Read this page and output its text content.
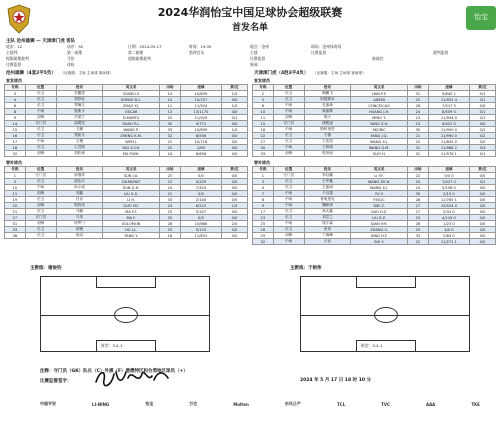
2024华润怡宝中国足球协会超级联赛
首发名单
怡宝
主队 沧州雄狮 — 天津津门虎 客队
轮次：12	场序：92	日期：2024-05-17	时间：19:35	地点：沧州	球场：沧州体育场
主裁判	第一助理	第二助理	第四官员	主裁	比赛监督	裁判监督
视频助理裁判	艾铅	视频助理裁判	比赛监督	新闻官
比赛监督	体检	新闻
沧州雄狮（4套2平5负） （比赛服：主场 主场球 客场球）
首发球员
号码	位置	姓名	英文名	出场	进球	黄/红
3	后卫	苏戴恩	SUNZU.S	15	10/839	1/0
4	后卫	郑铎伦	ZHENG D.L.	10	10/257	0/0
6	后卫	郑镝儿	ZHAO Y.J.	11	11/924	1/0
8	中场	奥斯卡	OSCAR	13	13/1170	4/0
9	前锋	吕梁宁	D.MARTU	25	11/929	0/1
14	守门员	邵璞亮	SHAO P.L.	35	9/771	0/0
15	后卫	王鹏	WANG P.	33	10/839	1/0
16	后卫	郑凯木	ZHENG K.M.	32	8/556	0/0
17	中场	文俊	WEN J.	22	10/718	0/0
18	后卫	么君明	YAO X.CH.	25	2/89	0/0
32	前锋	刘欣承	MA P.WH.	24	8/658	0/0
替补球员
号码	位置	姓名	英文名	出场	进球	黄/红
1	守门员	孙继祥	SUN J.X.	25	0/0	0/0
5	后卫	迪达尔	DILMURAT	22	5/229	0/0
10	中场	孙小成	SUN Q.H.	24	7/320	0/0
11	前锋	刘鑫	LIU X.X.	21	0/0	0/0
19	后卫	吕乐	LI H.	33	2/140	0/0
20	前锋	郭的伟	GUO Y.D.	24	6/222	1/0
21	后卫	马鹏	MA F.F.	25	5/107	0/0
27	守门员	马昊	MA F.	25	0/0	0/0
31	前锋	所罗门	SOLOMON	28	10/868	2/0
33	后卫	胡俊	HU J.L.	25	5/153	0/0
38	后卫	杨羽	YANG Y.	18	11/831	0/0
天津津门虎（4胜3平4负） （比赛服：主场 主场球 客场球）
首发球员
号码	位置	姓名	英文名	出场	进球	黄/红
2	后卫	韩鹏飞	HAN P.F.	31	9/640 1	0/1
5	后卫	阿德耶米	ADEMI	25	11/931 4	0/1
6	中场	孔塞桑	CONCEICAO	28	7/517 5	0/0
10	中场	黄嘉辉	HUANG J.H.	24	8/509 0	0/1
11	前锋	明天	MING T.	23	11/944 0	0/1
15	守门员	颜骏凌	YANG Z.H.	23	6/422 0	0/0
16	中场	斯科里奇	SKORIC	35	11/990 0	0/2
22	后卫	方镇	FANG J.Q.	21	11/990 0	0/2
27	后卫	王宪钧	WANG X.J.	20	11/842 0	0/0
30	中场	王秋明	WANG Q.M.	31	11/988 2	0/3
33	前锋	郭田雨	GUO H.	31	11/978 1	0/1
替补球员
号码	位置	姓名	英文名	出场	进球	黄/红
1	守门员	李启鹏	LI Y.F.	22	0/0 0	0/0
3	后卫	王华鑫	WANG ZH.H.	24	7/427 0	0/1
4	后卫	王嘉南	WANG X.J.	24	5/156 0	0/0
7	中场	于汉超	YU Y.	35	2/19 0	0/0
8	中场	菲奥里克	FIOLIC	28	11/785 1	0/0
9	中场	魏峥涛	WEI Z.	27	15/524 0	0/0
17	后卫	高大鑫	GAO H.Z.	27	2/31 0	0/0
23	后卫	刘学之	LIU X.Z.	23	4/110 0	0/0
25	中场	钱宇森	QIAN Y.M.	26	1/23 0	0/0
26	后卫	张帅	ZHANG S.	29	4/0 0	0/0
29	前锋	丁海峰	DING H.F.	33	2/63 0	0/0
32	中场	石岩	SHI Y.	22	11/271 1	0/0
主教练：谢俊钧	主教练：于根伟
阵型：3-4-1	阵型：3-4-1
注释：守门员（GK）队长（C）外援（F）港澳特区和台湾地区球员（+）
比赛监督签字：	2024 年 5 月 17 日 18 时 10 分
中国平安	LI-NING	怡宝	万达	Molten	东风日产	TCL	TVC	AAA	TKE
